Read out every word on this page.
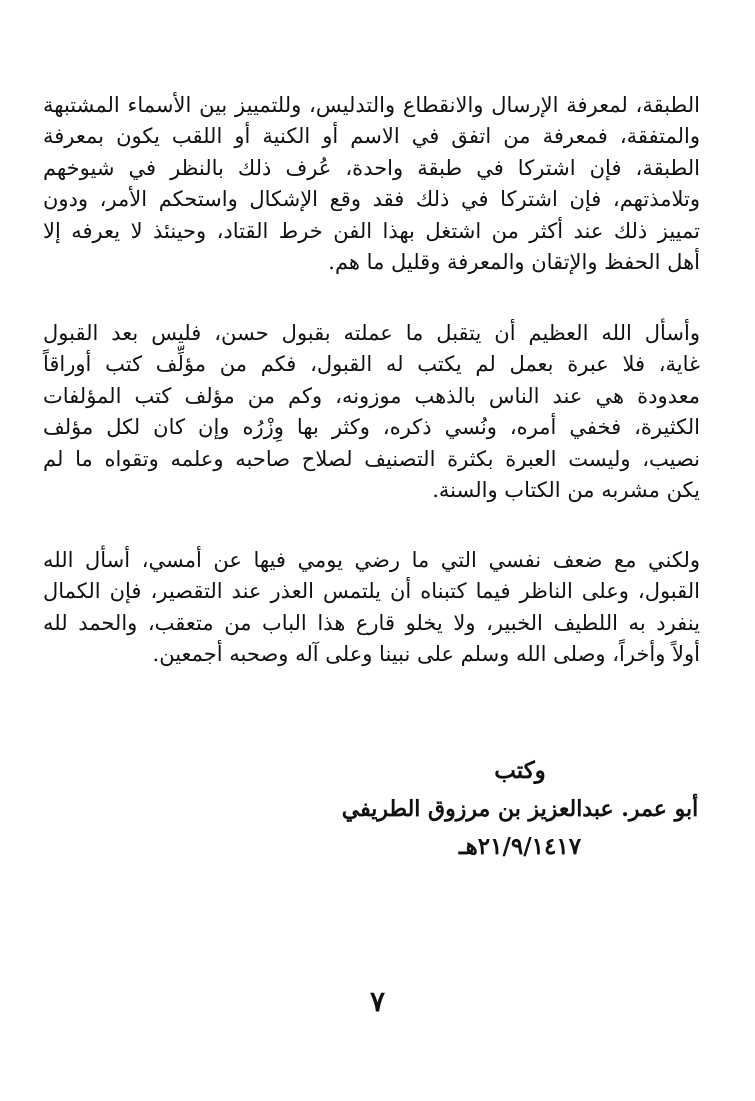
الطبقة، لمعرفة الإرسال والانقطاع والتدليس، وللتمييز بين الأسماء المشتبهة
والمتفقة، فمعرفة من اتفق في الاسم أو الكنية أو اللقب يكون بمعرفة
الطبقة، فإن اشتركا في طبقة واحدة، عُرف ذلك بالنظر في شيوخهم
وتلامذتهم، فإن اشتركا في ذلك فقد وقع الإشكال واستحكم الأمر، ودون
تمييز ذلك عند أكثر من اشتغل بهذا الفن خرط القتاد، وحينئذ لا يعرفه إلا
أهل الحفظ والإتقان والمعرفة وقليل ما هم.
وأسأل الله العظيم أن يتقبل ما عملته بقبول حسن، فليس بعد القبول
غاية، فلا عبرة بعمل لم يكتب له القبول، فكم من مؤلِّف كتب أوراقاً
معدودة هي عند الناس بالذهب موزونه، وكم من مؤلف كتب المؤلفات
الكثيرة، فخفي أمره، ونُسي ذكره، وكثر بها وِزْرُه وإن كان لكل مؤلف
نصيب، وليست العبرة بكثرة التصنيف لصلاح صاحبه وعلمه وتقواه ما لم
يكن مشربه من الكتاب والسنة.
ولكني مع ضعف نفسي التي ما رضي يومي فيها عن أمسي، أسأل الله
القبول، وعلى الناظر فيما كتبناه أن يلتمس العذر عند التقصير، فإن الكمال
ينفرد به اللطيف الخبير، ولا يخلو قارع هذا الباب من متعقب، والحمد لله
أولاً وأخراً، وصلى الله وسلم على نبينا وعلى آله وصحبه أجمعين.
وكتب
أبو عمر. عبدالعزيز بن مرزوق الطريفي
٢١/٩/١٤١٧هـ
٧
